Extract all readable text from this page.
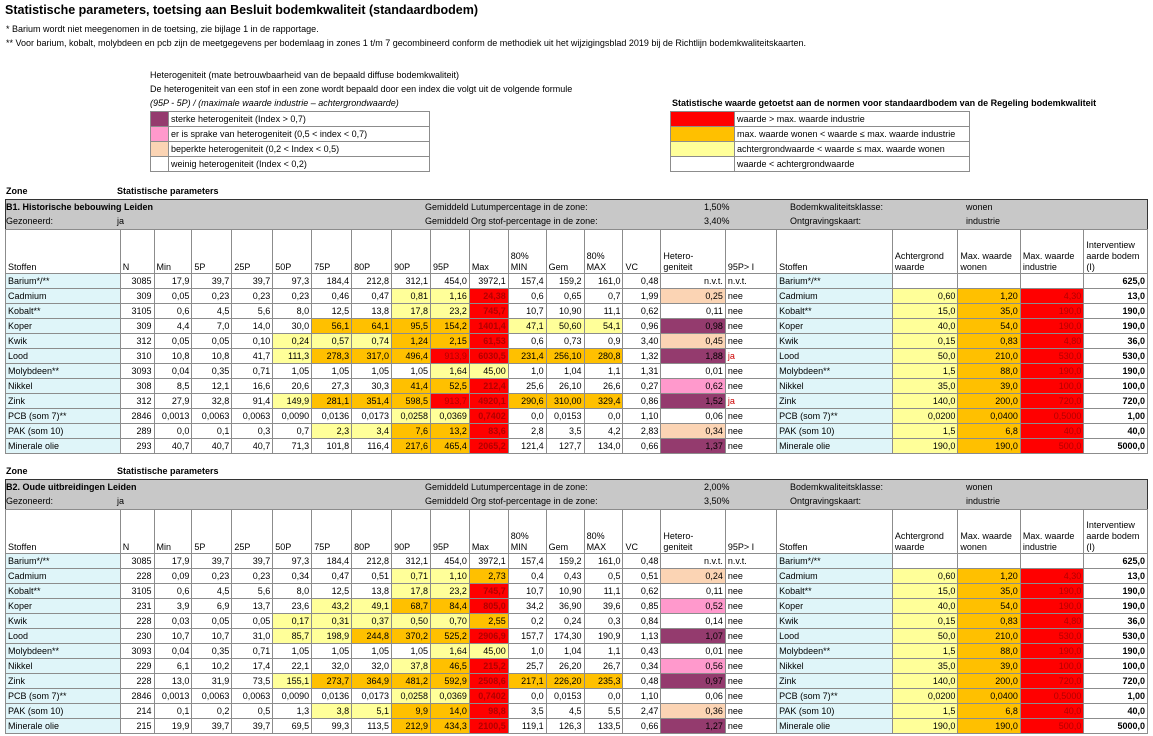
Statistische parameters, toetsing aan Besluit bodemkwaliteit (standaardbodem)
* Barium wordt niet meegenomen in de toetsing, zie bijlage 1 in de rapportage.
** Voor barium, kobalt, molybdeen en pcb zijn de meetgegevens per bodemlaag in zones 1 t/m 7 gecombineerd conform de methodiek uit het wijzigingsblad 2019 bij de Richtlijn bodemkwaliteitskaarten.
Heterogeniteit (mate betrouwbaarheid van de bepaald diffuse bodemkwaliteit)
De heterogeniteit van een stof in een zone wordt bepaald door een index die volgt uit de volgende formule
(95P - 5P) / (maximale waarde industrie – achtergrondwaarde)
	sterke heterogeniteit (Index > 0,7)
	er is sprake van heterogeniteit (0,5 < index < 0,7)
	beperkte heterogeniteit (0,2 < Index < 0,5)
	weinig heterogeniteit (Index < 0,2)
Statistische waarde getoetst aan de normen voor standaardbodem van de Regeling bodemkwaliteit
	waarde > max. waarde industrie
	max. waarde wonen < waarde ≤ max. waarde industrie
	achtergrondwaarde < waarde ≤ max. waarde wonen
	waarde < achtergrondwaarde
Zone	Statistische parameters
B1. Historische bebouwing Leiden
Gezoneerd:	ja
Gemiddeld Lutumpercentage in de zone:	1,50%
Gemiddeld Org stof-percentage in de zone:	3,40%
Bodemkwaliteitsklasse:	wonen
Ontgravingskaart:	industrie
Stoffen	N	Min	5P	25P	50P	75P	80P	90P	95P	Max	80% MIN	Gem	80% MAX	VC	Hetero- geniteit	95P> I	Stoffen	Achtergrond waarde	Max. waarde wonen	Max. waarde industrie	Interventiew aarde bodem (I)
Barium*/**	3085	17,9	39,7	39,7	97,3	184,4	212,8	312,1	454,0	3972,1	157,4	159,2	161,0	0,48	n.v.t.	n.v.t.	Barium*/**				625,0
Cadmium	309	0,05	0,23	0,23	0,23	0,46	0,47	0,81	1,16	24,38	0,6	0,65	0,7	1,99	0,25	nee	Cadmium	0,60	1,20	4,30	13,0
Kobalt**	3105	0,6	4,5	5,6	8,0	12,5	13,8	17,8	23,2	745,7	10,7	10,90	11,1	0,62	0,11	nee	Kobalt**	15,0	35,0	190,0	190,0
Koper	309	4,4	7,0	14,0	30,0	56,1	64,1	95,5	154,2	1401,4	47,1	50,60	54,1	0,96	0,98	nee	Koper	40,0	54,0	190,0	190,0
Kwik	312	0,05	0,05	0,10	0,24	0,57	0,74	1,24	2,15	61,53	0,6	0,73	0,9	3,40	0,45	nee	Kwik	0,15	0,83	4,80	36,0
Lood	310	10,8	10,8	41,7	111,3	278,3	317,0	496,4	913,9	6030,5	231,4	256,10	280,8	1,32	1,88	ja	Lood	50,0	210,0	530,0	530,0
Molybdeen**	3093	0,04	0,35	0,71	1,05	1,05	1,05	1,05	1,64	45,00	1,0	1,04	1,1	1,31	0,01	nee	Molybdeen**	1,5	88,0	190,0	190,0
Nikkel	308	8,5	12,1	16,6	20,6	27,3	30,3	41,4	52,5	212,4	25,6	26,10	26,6	0,27	0,62	nee	Nikkel	35,0	39,0	100,0	100,0
Zink	312	27,9	32,8	91,4	149,9	281,1	351,4	598,5	913,7	4920,1	290,6	310,00	329,4	0,86	1,52	ja	Zink	140,0	200,0	720,0	720,0
PCB (som 7)**	2846	0,0013	0,0063	0,0063	0,0090	0,0136	0,0173	0,0258	0,0369	0,7402	0,0	0,0153	0,0	1,10	0,06	nee	PCB (som 7)**	0,0200	0,0400	0,5000	1,00
PAK (som 10)	289	0,0	0,1	0,3	0,7	2,3	3,4	7,6	13,2	83,6	2,8	3,5	4,2	2,83	0,34	nee	PAK (som 10)	1,5	6,8	40,0	40,0
Minerale olie	293	40,7	40,7	40,7	71,3	101,8	116,4	217,6	465,4	2065,2	121,4	127,7	134,0	0,66	1,37	nee	Minerale olie	190,0	190,0	500,0	5000,0
Zone	Statistische parameters
B2. Oude uitbreidingen Leiden
Gezoneerd:	ja
Gemiddeld Lutumpercentage in de zone:	2,00%
Gemiddeld Org stof-percentage in de zone:	3,50%
Bodemkwaliteitsklasse:	wonen
Ontgravingskaart:	industrie
Stoffen	N	Min	5P	25P	50P	75P	80P	90P	95P	Max	80% MIN	Gem	80% MAX	VC	Hetero- geniteit	95P> I	Stoffen	Achtergrond waarde	Max. waarde wonen	Max. waarde industrie	Interventiew aarde bodem (I)
Barium*/**	3085	17,9	39,7	39,7	97,3	184,4	212,8	312,1	454,0	3972,1	157,4	159,2	161,0	0,48	n.v.t.	n.v.t.	Barium*/**				625,0
Cadmium	228	0,09	0,23	0,23	0,34	0,47	0,51	0,71	1,10	2,73	0,4	0,43	0,5	0,51	0,24	nee	Cadmium	0,60	1,20	4,30	13,0
Kobalt**	3105	0,6	4,5	5,6	8,0	12,5	13,8	17,8	23,2	745,7	10,7	10,90	11,1	0,62	0,11	nee	Kobalt**	15,0	35,0	190,0	190,0
Koper	231	3,9	6,9	13,7	23,6	43,2	49,1	68,7	84,4	805,0	34,2	36,90	39,6	0,85	0,52	nee	Koper	40,0	54,0	190,0	190,0
Kwik	228	0,03	0,05	0,05	0,17	0,31	0,37	0,50	0,70	2,55	0,2	0,24	0,3	0,84	0,14	nee	Kwik	0,15	0,83	4,80	36,0
Lood	230	10,7	10,7	31,0	85,7	198,9	244,8	370,2	525,2	2906,9	157,7	174,30	190,9	1,13	1,07	nee	Lood	50,0	210,0	530,0	530,0
Molybdeen**	3093	0,04	0,35	0,71	1,05	1,05	1,05	1,05	1,64	45,00	1,0	1,04	1,1	0,43	0,01	nee	Molybdeen**	1,5	88,0	190,0	190,0
Nikkel	229	6,1	10,2	17,4	22,1	32,0	32,0	37,8	46,5	215,2	25,7	26,20	26,7	0,34	0,56	nee	Nikkel	35,0	39,0	100,0	100,0
Zink	228	13,0	31,9	73,5	155,1	273,7	364,9	481,2	592,9	2508,6	217,1	226,20	235,3	0,48	0,97	nee	Zink	140,0	200,0	720,0	720,0
PCB (som 7)**	2846	0,0013	0,0063	0,0063	0,0090	0,0136	0,0173	0,0258	0,0369	0,7402	0,0	0,0153	0,0	1,10	0,06	nee	PCB (som 7)**	0,0200	0,0400	0,5000	1,00
PAK (som 10)	214	0,1	0,2	0,5	1,3	3,8	5,1	9,9	14,0	98,8	3,5	4,5	5,5	2,47	0,36	nee	PAK (som 10)	1,5	6,8	40,0	40,0
Minerale olie	215	19,9	39,7	39,7	69,5	99,3	113,5	212,9	434,3	2100,5	119,1	126,3	133,5	0,66	1,27	nee	Minerale olie	190,0	190,0	500,0	5000,0
